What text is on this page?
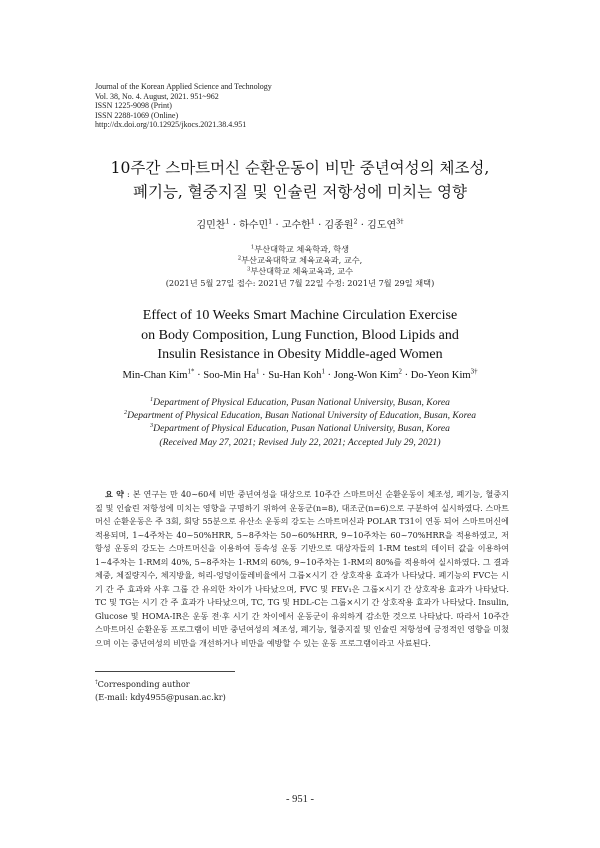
Journal of the Korean Applied Science and Technology
Vol. 38, No. 4. August, 2021. 951~962
ISSN 1225-9098 (Print)
ISSN 2288-1069 (Online)
http://dx.doi.org/10.12925/jkocs.2021.38.4.951
10주간 스마트머신 순환운동이 비만 중년여성의 체조성,
폐기능, 혈중지질 및 인슐린 저항성에 미치는 영향
김민찬$^1$ · 하수민$^1$ · 고수한$^1$ · 김종원$^2$ · 김도연$^{3\dagger}$
$^1$부산대학교 체육학과, 학생
$^2$부산교육대학교 체육교육과, 교수,
$^3$부산대학교 체육교육과, 교수
(2021년 5월 27일 접수: 2021년 7월 22일 수정: 2021년 7월 29일 채택)
Effect of 10 Weeks Smart Machine Circulation Exercise
on Body Composition, Lung Function, Blood Lipids and
Insulin Resistance in Obesity Middle-aged Women
Min-Chan Kim$^{1*}$ · Soo-Min $Ha^1 \cdot Su-Han$ Koh$^1$ · Jong-Won Kim$^2$ · Do-Yeon Kim$^{3\dagger}$
$^1$Department of Physical Education, Pusan National University, Busan, Korea
$^2$Department of Physical Education, Busan National University of Education, Busan, Korea
$^3$Department of Physical Education, Pusan National University, Busan, Korea
(Received May 27, 2021; Revised July 22, 2021; Accepted July 29, 2021)
요 약 : 본 연구는 만 40~60세 비만 중년여성을 대상으로 10주간 스마트머신 순환운동이 체조성, 폐기능, 혈중지질 및 인슐린 저항성에 미치는 영향을 구명하기 위하여 운동군(n=8), 대조군(n=6)으로 구분하여 실시하였다. 스마트머신 순환운동은 주 3회, 회당 55분으로 유산소 운동의 강도는 스마트머신과 POLAR T31이 연동 되어 스마트머신에 적용되며, 1~4주차는 40~50%HRR, 5~8주차는 50~60%HRR, 9~10주차는 60~70%HRR을 적용하였고, 저항성 운동의 강도는 스마트머신을 이용하여 등속성 운동 기반으로 대상자들의 1-RM test의 데이터 값을 이용하여 1~4주차는 1-RM의 40%, 5~8주차는 1-RM의 60%, 9~10주차는 1-RM의 80%를 적용하여 실시하였다. 그 결과 체중, 체질량지수, 체지방율, 허리-엉덩이둘레비율에서 그룹×시기 간 상호작용 효과가 나타났다. 폐기능의 FVC는 시기 간 주 효과와 사후 그룹 간 유의한 차이가 나타났으며, FVC 및 FEV₁은 그룹×시기 간 상호작용 효과가 나타났다. TC 및 TG는 시기 간 주 효과가 나타났으며, TC, TG 및 HDL-C는 그룹×시기 간 상호작용 효과가 나타났다. Insulin, Glucose 및 HOMA-IR은 운동 전·후 시기 간 차이에서 운동군이 유의하게 감소한 것으로 나타났다. 따라서 10주간 스마트머신 순환운동 프로그램이 비만 중년여성의 체조성, 폐기능, 혈중지질 및 인슐린 저항성에 긍정적인 영향을 미쳤으며 이는 중년여성의 비만을 개선하거나 비만을 예방할 수 있는 운동 프로그램이라고 사료된다.
†Corresponding author
(E-mail: kdy4955@pusan.ac.kr)
- 951 -
